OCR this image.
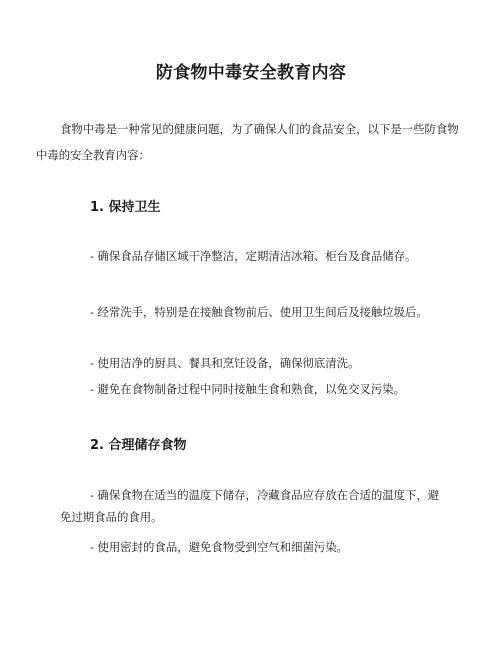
防食物中毒安全教育内容
食物中毒是一种常见的健康问题，为了确保人们的食品安全，以下是一些防食物中毒的安全教育内容：
1. 保持卫生
- 确保食品存储区域干净整洁，定期清洁冰箱、柜台及食品储存。
- 经常洗手，特别是在接触食物前后、使用卫生间后及接触垃圾后。
- 使用洁净的厨具、餐具和烹饪设备，确保彻底清洗。
- 避免在食物制备过程中同时接触生食和熟食，以免交叉污染。
2. 合理储存食物
- 确保食物在适当的温度下储存，冷藏食品应存放在合适的温度下，避免过期食品的食用。
- 使用密封的食品，避免食物受到空气和细菌污染。
